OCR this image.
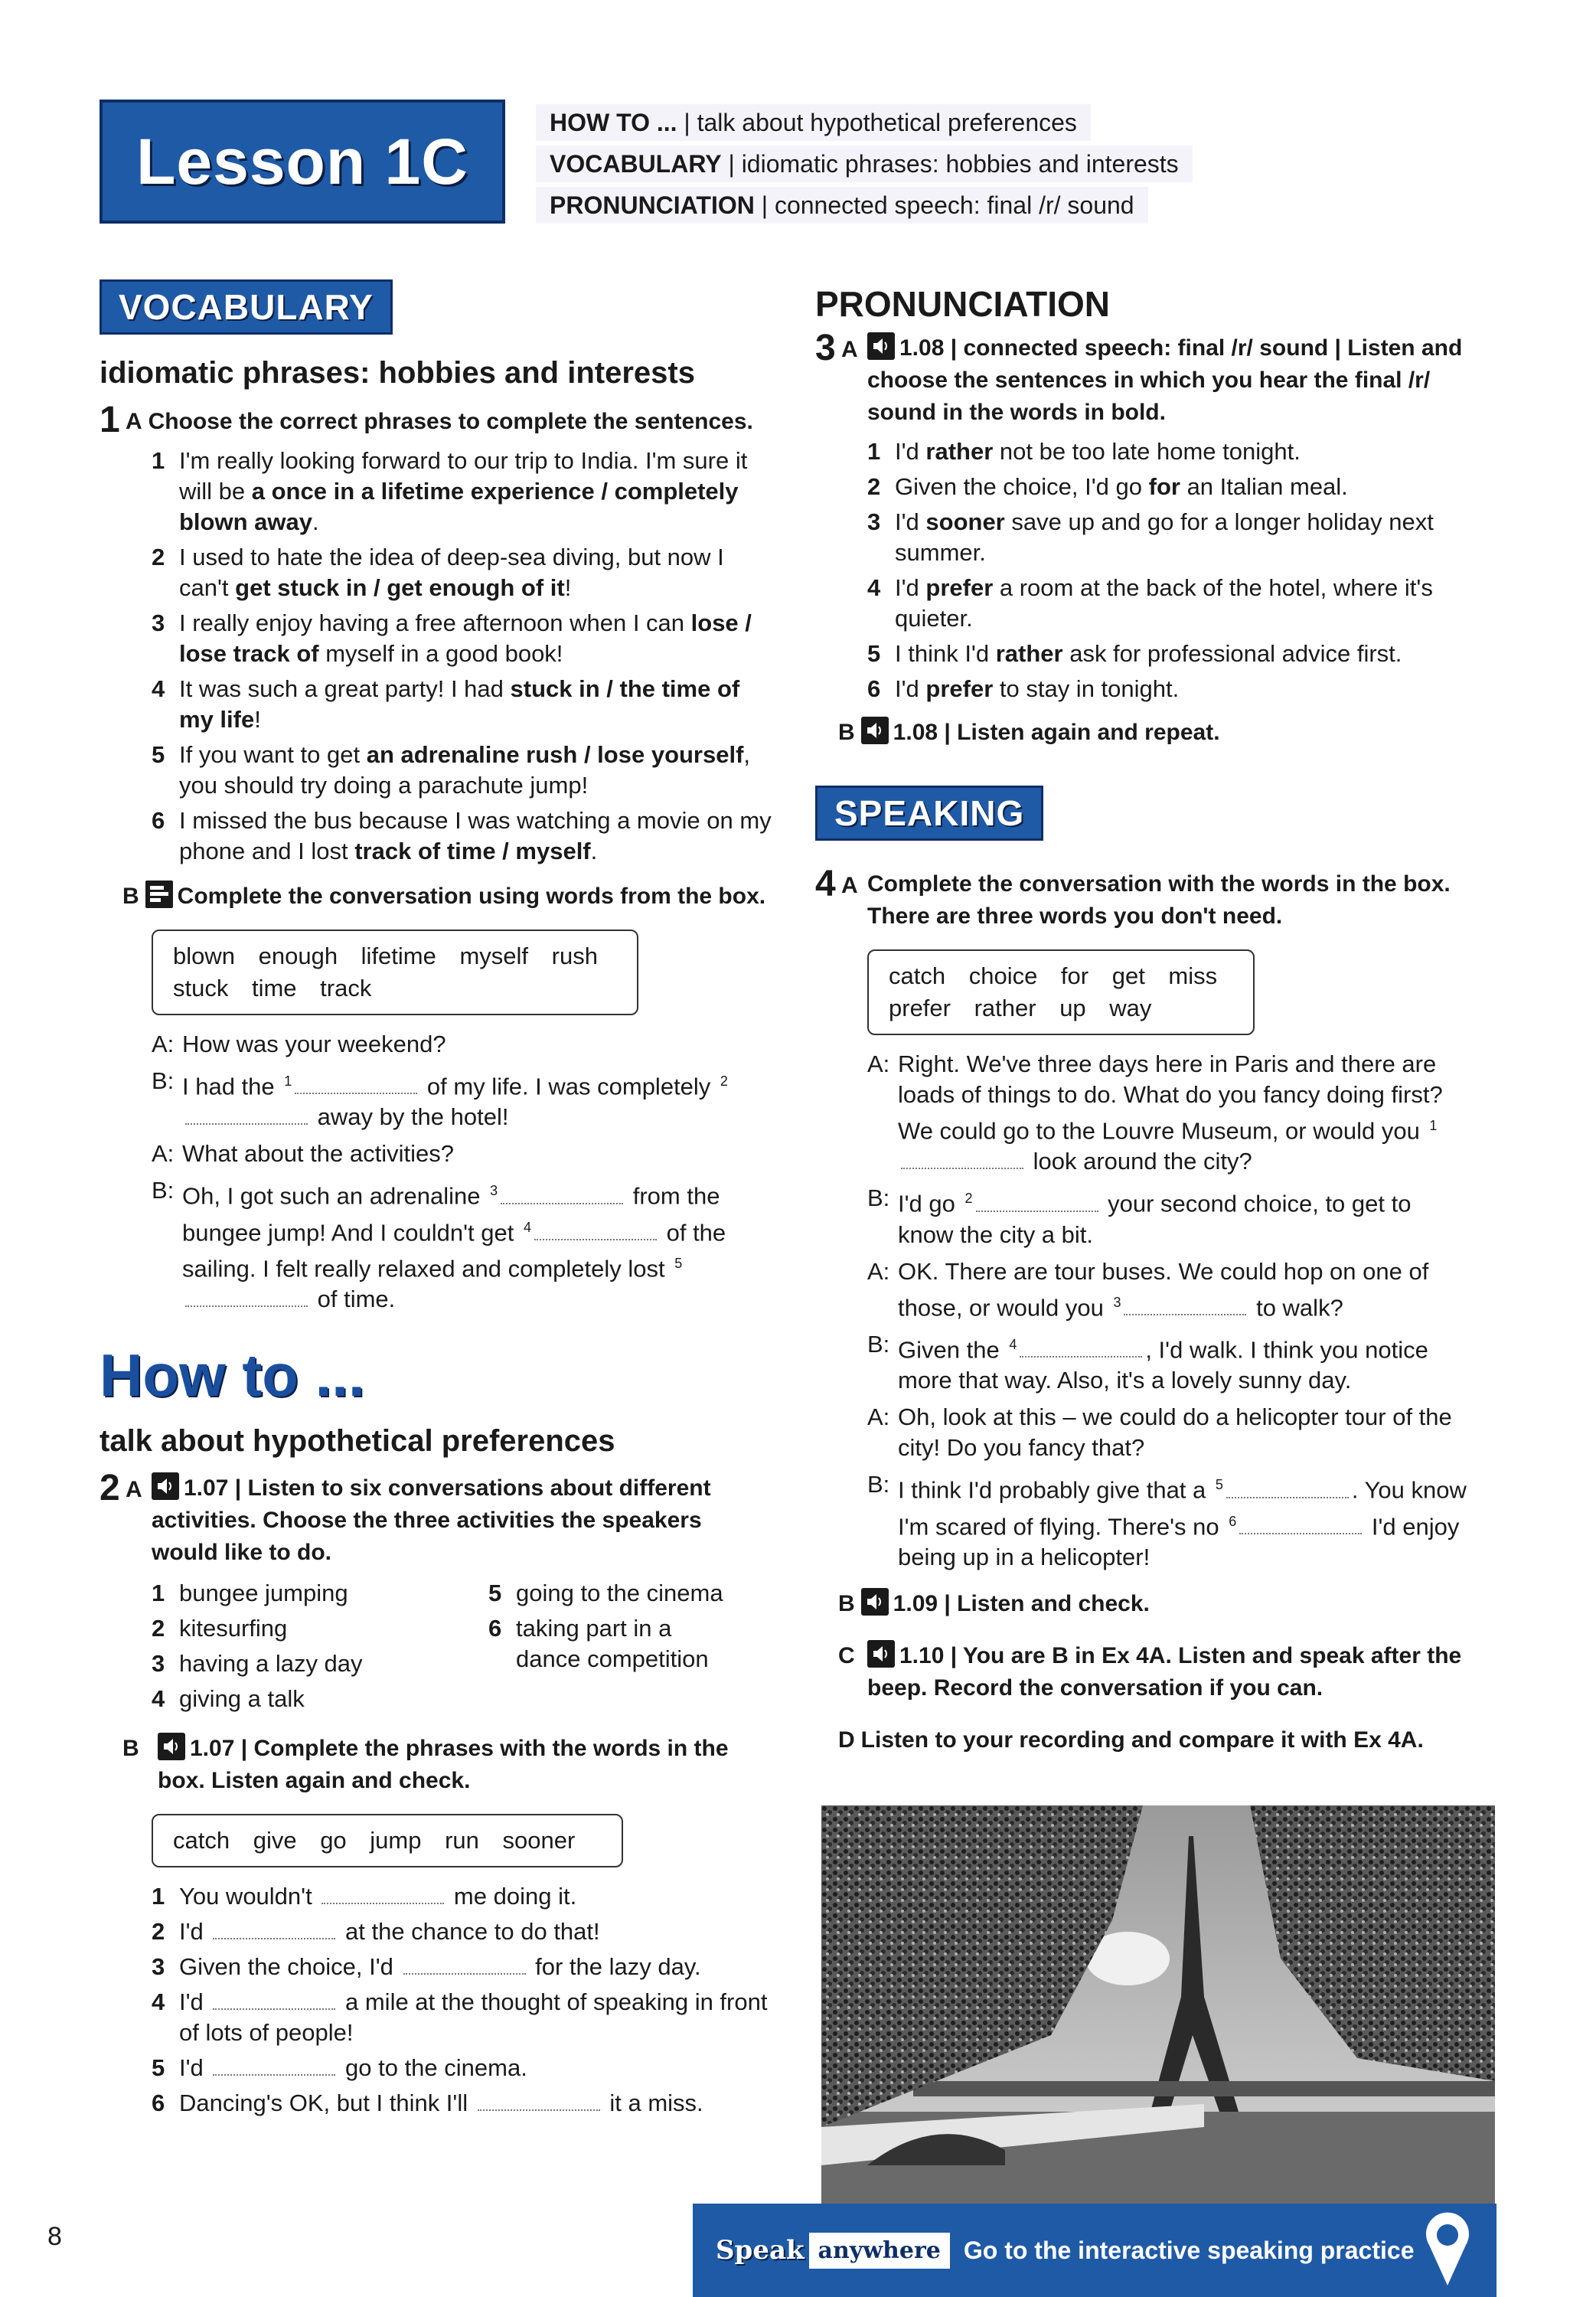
Lesson 1C
HOW TO ... | talk about hypothetical preferences
VOCABULARY | idiomatic phrases: hobbies and interests
PRONUNCIATION | connected speech: final /r/ sound
VOCABULARY
idiomatic phrases: hobbies and interests
1 A Choose the correct phrases to complete the sentences.
1 I'm really looking forward to our trip to India. I'm sure it will be a once in a lifetime experience / completely blown away.
2 I used to hate the idea of deep-sea diving, but now I can't get stuck in / get enough of it!
3 I really enjoy having a free afternoon when I can lose / lose track of myself in a good book!
4 It was such a great party! I had stuck in / the time of my life!
5 If you want to get an adrenaline rush / lose yourself, you should try doing a parachute jump!
6 I missed the bus because I was watching a movie on my phone and I lost track of time / myself.
B Complete the conversation using words from the box.
blown enough lifetime myself rush
stuck time track
A: How was your weekend?
B: I had the $^1$	of my life. I was completely $^2$ away by the hotel!
A: What about the activities?
B: Oh, I got such an adrenaline $^3$	from the bungee jump! And I couldn't get $^4$	of the sailing. I felt really relaxed and completely lost $^5$ of time.
How to ...
talk about hypothetical preferences
2 A	1.07 | Listen to six conversations about different activities. Choose the three activities the speakers would like to do.
1 bungee jumping
2 kitesurfing
3 having a lazy day
4 giving a talk
5 going to the cinema
6 taking part in a dance competition
B	1.07 | Complete the phrases with the words in the box. Listen again and check.
catch give go jump run sooner
1 You wouldn't	me doing it.
2 I'd	at the chance to do that!
3 Given the choice, I'd	for the lazy day.
4 I'd	a mile at the thought of speaking in front of lots of people!
5 I'd	go to the cinema.
6 Dancing's OK, but I think I'll	it a miss.
PRONUNCIATION
3 A	1.08 | connected speech: final /r/ sound | Listen and choose the sentences in which you hear the final /r/ sound in the words in bold.
1 I'd rather not be too late home tonight.
2 Given the choice, I'd go for an Italian meal.
3 I'd sooner save up and go for a longer holiday next summer.
4 I'd prefer a room at the back of the hotel, where it's quieter.
5 I think I'd rather ask for professional advice first.
6 I'd prefer to stay in tonight.
B 1.08 | Listen again and repeat.
SPEAKING
4 A Complete the conversation with the words in the box. There are three words you don't need.
catch choice for get miss
prefer rather up way
A: Right. We've three days here in Paris and there are loads of things to do. What do you fancy doing first? We could go to the Louvre Museum, or would you $^1$ look around the city?
B: I'd go $^2$	your second choice, to get to know the city a bit.
A: OK. There are tour buses. We could hop on one of those, or would you $^3$	to walk?
B: Given the $^4$	, I'd walk. I think you notice more that way. Also, it's a lovely sunny day.
A: Oh, look at this – we could do a helicopter tour of the city! Do you fancy that?
B: I think I'd probably give that a $^5$	. You know I'm scared of flying. There's no $^6$	I'd enjoy being up in a helicopter!
B 1.09 | Listen and check.
C	1.10 | You are B in Ex 4A. Listen and speak after the beep. Record the conversation if you can.
D Listen to your recording and compare it with Ex 4A.
8	Speak anywhere Go to the interactive speaking practice
